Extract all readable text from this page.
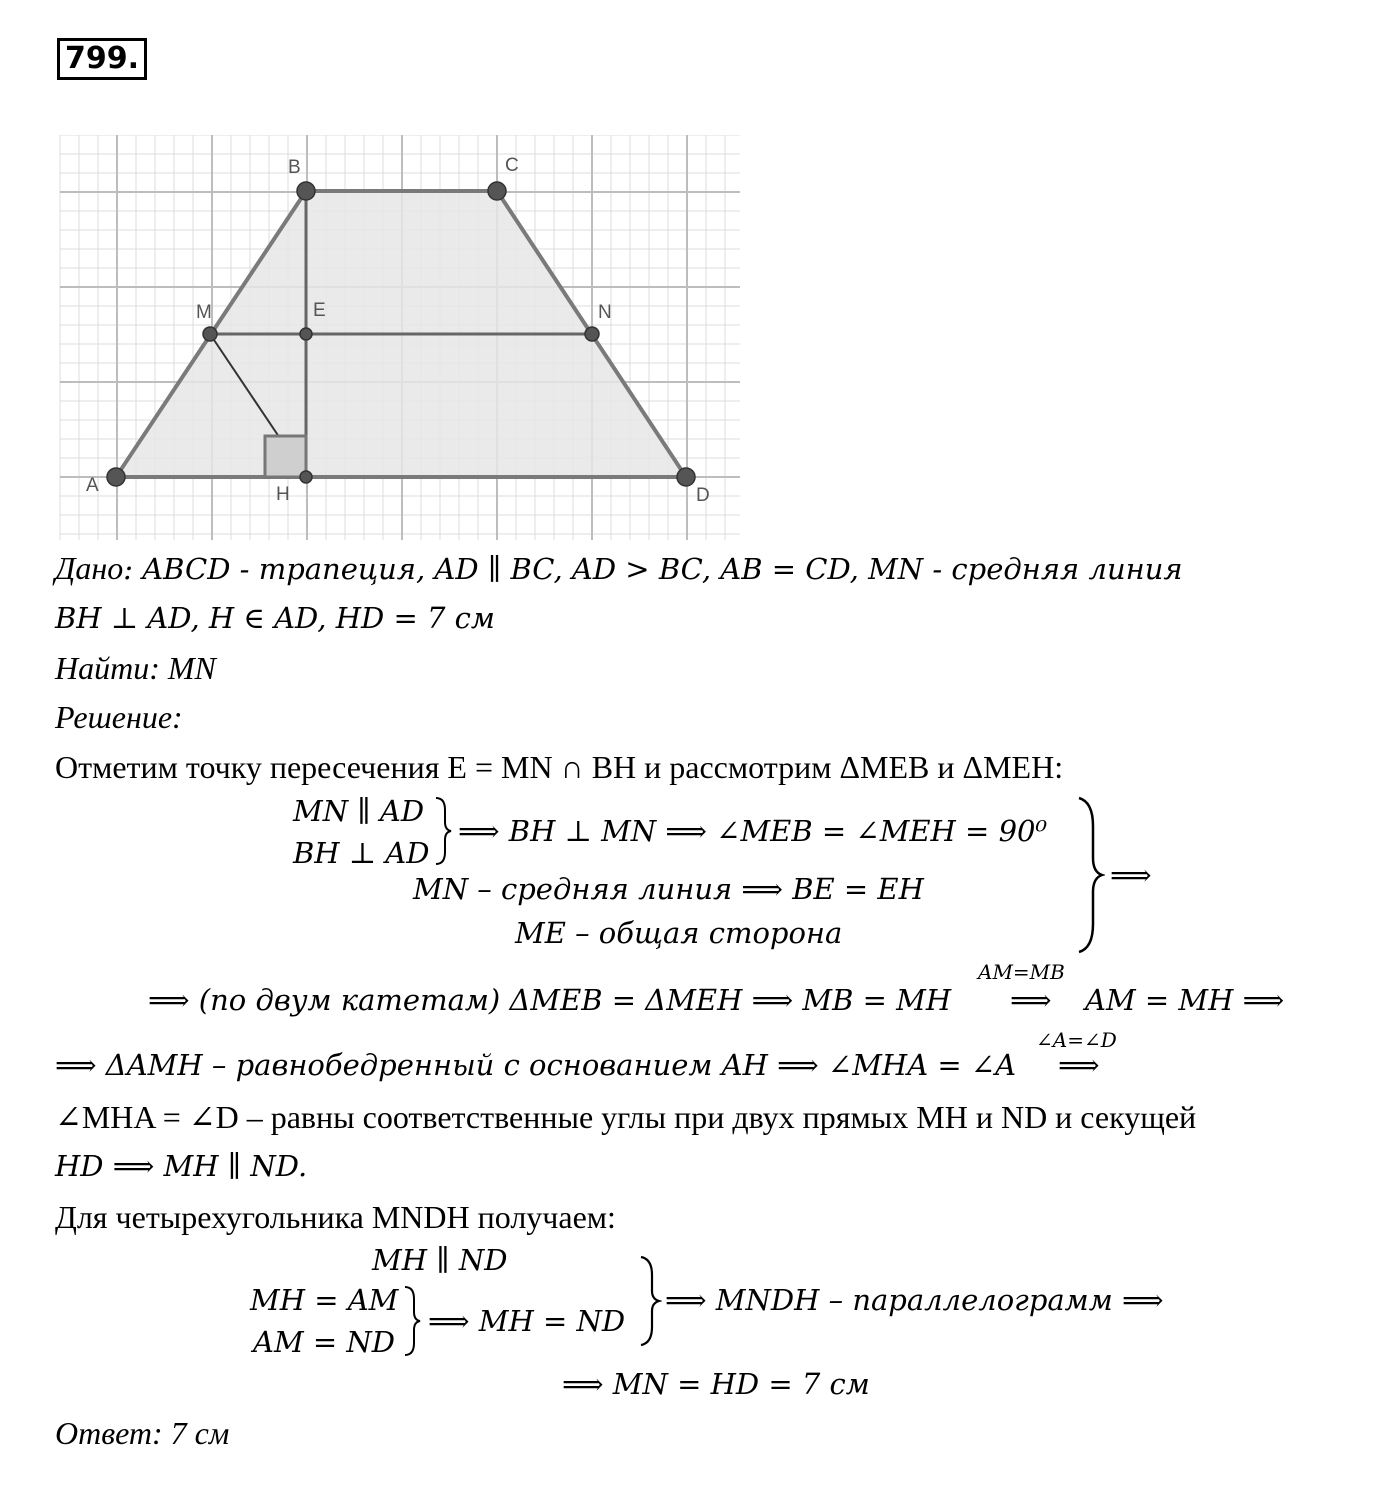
799.
A
B	C
D
M	N
E
H
Дано: ABCD - трапеция, AD ∥ BC, AD > BC, AB = CD, MN - средняя линия
BH ⊥ AD, H ∈ AD, HD = 7 см
Найти: MN
Решение:
Отметим точку пересечения E = MN ∩ BH и рассмотрим ΔMEB и ΔMEH:
MN ∥ AD
BH ⊥ AD
⟹ BH ⊥ MN ⟹ ∠MEB = ∠MEH = 90⁰
MN – средняя линия ⟹ BE = EH
ME – общая сторона
⟹
⟹ (по двум катетам) ΔMEB = ΔMEH ⟹ MB = MH
AM=MB
⟹ AM = MH ⟹
⟹ ΔAMH – равнобедренный с основанием AH ⟹ ∠MHA = ∠A
∠A=∠D
⟹
∠MHA = ∠D – равны соответственные углы при двух прямых MH и ND и секущей
HD ⟹ MH ∥ ND.
Для четырехугольника MNDH получаем:
MH ∥ ND
MH = AM
AM = ND
⟹ MH = ND
⟹ MNDH – параллелограмм ⟹
⟹ MN = HD = 7 см
Ответ: 7 см
